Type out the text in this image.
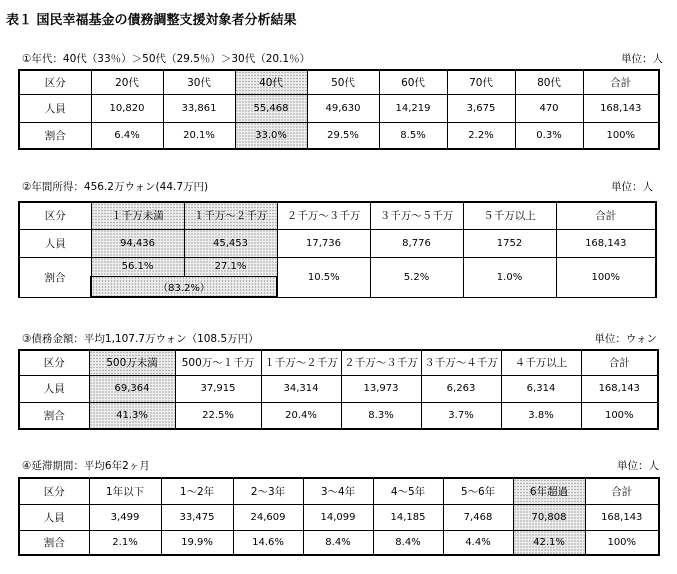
表１ 国民幸福基金の債務調整支援対象者分析結果
①年代：40代（33％）＞50代（29.5％）＞30代（20.1％）	単位：人
区分	20代	30代	40代	50代	60代	70代	80代	合計
人員	10,820	33,861	55,468	49,630	14,219	3,675	470	168,143
割合	6.4%	20.1%	33.0%	29.5%	8.5%	2.2%	0.3%	100%
②年間所得：456.2万ウォン(44.7万円)	単位：人
区分	１千万未満	１千万～２千万	２千万～３千万	３千万～５千万	５千万以上	合計
人員	94,436	45,453	17,736	8,776	1752	168,143
割合	56.1%	27.1%	10.5%	5.2%	1.0%	100%
	（83.2%）					
③債務金額：平均1,107.7万ウォン（108.5万円）	単位：ウォン
区分	500万未満	500万～１千万	１千万～２千万	２千万～３千万	３千万～４千万	４千万以上	合計
人員	69,364	37,915	34,314	13,973	6,263	6,314	168,143
割合	41.3%	22.5%	20.4%	8.3%	3.7%	3.8%	100%
④延滞期間：平均6年2ヶ月	単位：人
区分	1年以下	1～2年	2～3年	3～4年	4～5年	5～6年	6年超過	合計
人員	3,499	33,475	24,609	14,099	14,185	7,468	70,808	168,143
割合	2.1%	19.9%	14.6%	8.4%	8.4%	4.4%	42.1%	100%
